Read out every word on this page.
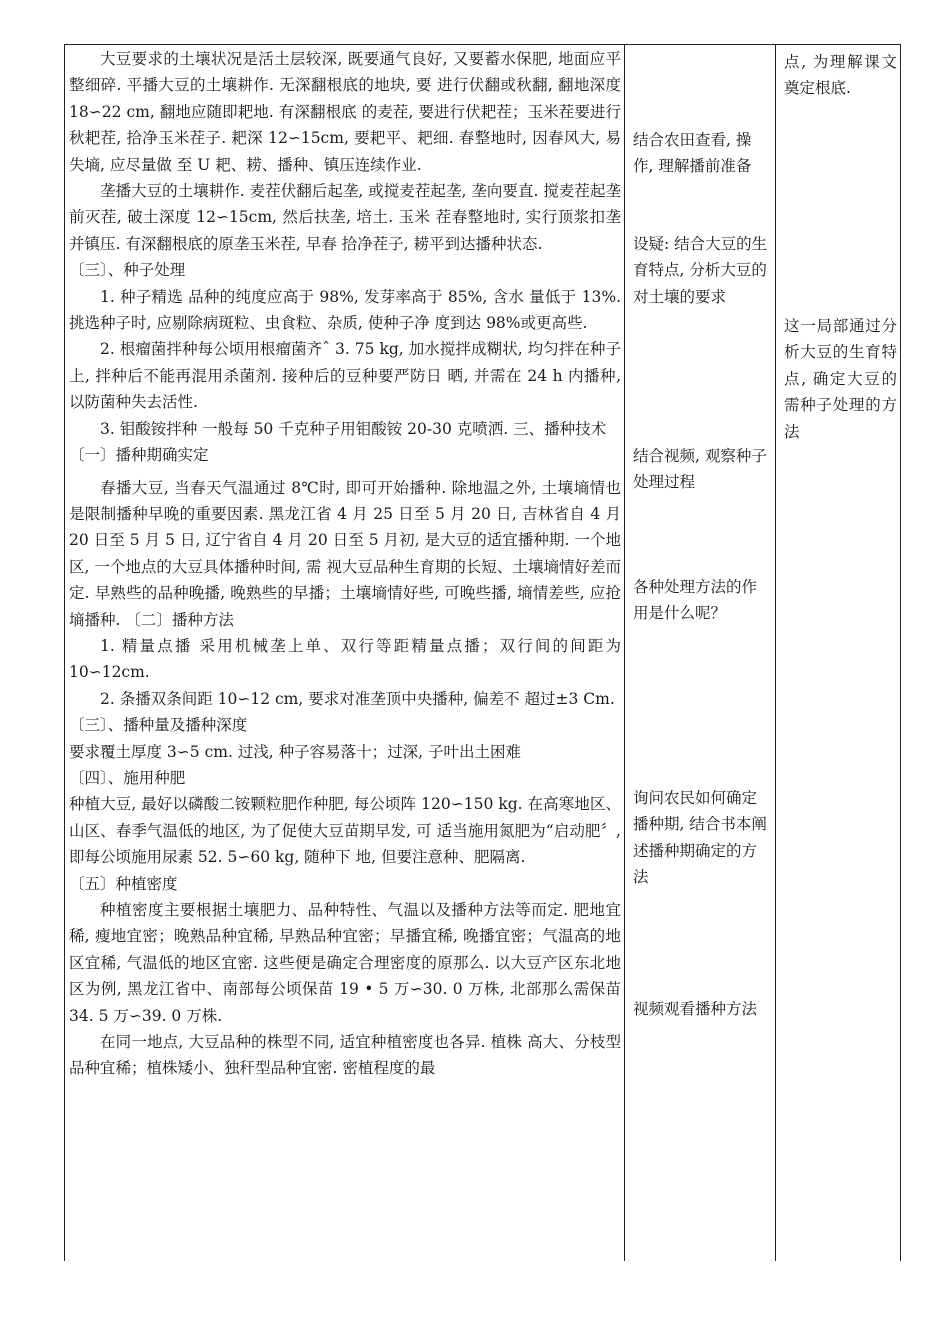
大豆要求的土壤状况是活土层较深, 既要通气良好, 又要蓄水保肥, 地面应平整细碎. 平播大豆的土壤耕作. 无深翻根底的地块, 要 进行伏翻或秋翻, 翻地深度 18∽22 cm, 翻地应随即耙地. 有深翻根底 的麦茬, 要进行伏耙茬；玉米茬要进行秋耙茬, 拾净玉米茬子. 耙深 12∽15cm, 要耙平、耙细. 春整地时, 因春风大, 易失墒, 应尽量做 至 U 耙、耢、播种、镇压连续作业.

垄播大豆的土壤耕作. 麦茬伏翻后起垄, 或搅麦茬起垄, 垄向要直. 搅麦茬起垄前灭茬, 破土深度 12∽15cm, 然后扶垄, 培土. 玉米 茬春整地时, 实行顶浆扣垄并镇压. 有深翻根底的原垄玉米茬, 早春 拾净茬子, 耢平到达播种状态.

〔三〕、种子处理

1. 种子精选 品种的纯度应高于 98%, 发芽率高于 85%, 含水 量低于 13%. 挑选种子时, 应剔除病斑粒、虫食粒、杂质, 使种子净 度到达 98%或更高些.

2. 根瘤菌拌种每公顷用根瘤菌齐ˆ 3. 75 kg, 加水搅拌成糊状, 均匀拌在种子上, 拌种后不能再混用杀菌剂. 接种后的豆种要严防日 晒, 并需在 24 h 内播种, 以防菌种失去活性.

3. 钼酸铵拌种 一般每 50 千克种子用钼酸铵 20-30 克喷洒. 三、播种技术

〔一〕播种期确实定

春播大豆, 当春天气温通过 8℃时, 即可开始播种. 除地温之外, 土壤墒情也是限制播种早晚的重要因素. 黑龙江省 4 月 25 日至 5 月 20 日, 吉林省自 4 月 20 日至 5 月 5 日, 辽宁省自 4 月 20 日至 5 月初, 是大豆的适宜播种期. 一个地区, 一个地点的大豆具体播种时间, 需 视大豆品种生育期的长短、土壤墒情好差而定. 早熟些的品种晚播, 晚熟些的早播；土壤墒情好些, 可晚些播, 墒情差些, 应抢墒播种. 〔二〕播种方法

1. 精量点播 采用机械垄上单、双行等距精量点播；双行间的间距为 10∽12cm.

2. 条播双条间距 10∽12 cm, 要求对准垄顶中央播种, 偏差不 超过±3 Cm.

〔三〕、播种量及播种深度

要求覆土厚度 3∽5 cm. 过浅, 种子容易落十；过深, 子叶出土困难

〔四〕、施用种肥

种植大豆, 最好以磷酸二铵颗粒肥作种肥, 每公顷阵 120∽150 kg. 在高寒地区、山区、春季气温低的地区, 为了促使大豆苗期早发, 可 适当施用氮肥为“启动肥〞, 即每公顷施用尿素 52. 5∽60 kg, 随种下 地, 但要注意种、肥隔离.

〔五〕种植密度

种植密度主要根据土壤肥力、品种特性、气温以及播种方法等而定. 肥地宜稀, 瘦地宜密；晚熟品种宜稀, 早熟品种宜密；早播宜稀, 晚播宜密；气温高的地区宜稀, 气温低的地区宜密. 这些便是确定合理密度的原那么. 以大豆产区东北地区为例, 黑龙江省中、南部每公顷保苗 19 • 5 万∽30. 0 万株, 北部那么需保苗 34. 5 万∽39. 0 万株.

在同一地点, 大豆品种的株型不同, 适宜种植密度也各异. 植株 高大、分枝型品种宜稀；植株矮小、独秆型品种宜密. 密植程度的最

结合农田查看, 操作, 理解播前准备
设疑: 结合大豆的生育特点, 分析大豆的对土壤的要求
结合视频, 观察种子处理过程
各种处理方法的作用是什么呢？
询问农民如何确定播种期, 结合书本阐述播种期确定的方法
视频观看播种方法
点, 为理解课文奠定根底.
这一局部通过分析大豆的生育特点, 确定大豆的需种子处理的方法
